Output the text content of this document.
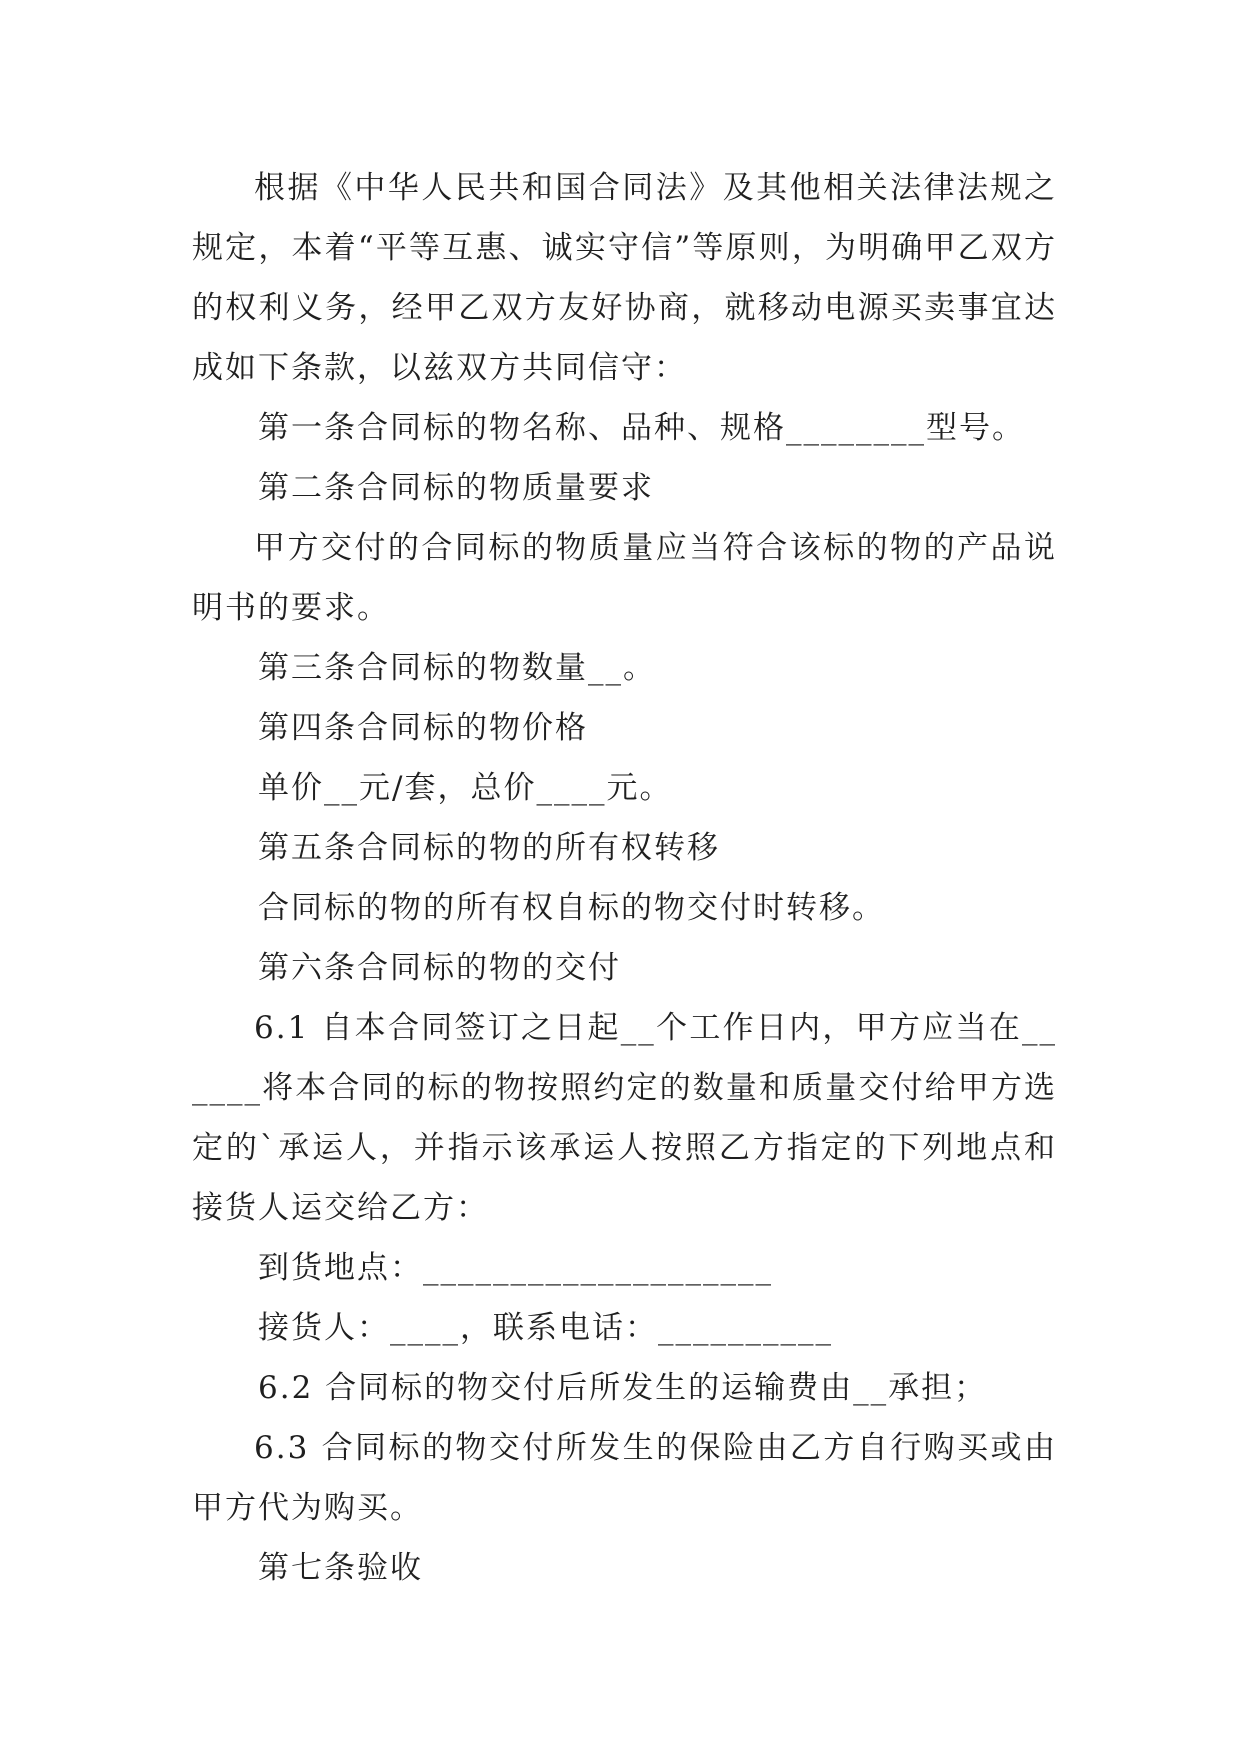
根据《中华人民共和国合同法》及其他相关法律法规之规定，本着“平等互惠、诚实守信”等原则，为明确甲乙双方的权利义务，经甲乙双方友好协商，就移动电源买卖事宜达成如下条款，以兹双方共同信守：

第一条合同标的物名称、品种、规格________型号。

第二条合同标的物质量要求

甲方交付的合同标的物质量应当符合该标的物的产品说明书的要求。

第三条合同标的物数量__。

第四条合同标的物价格

单价__元/套，总价____元。

第五条合同标的物的所有权转移

合同标的物的所有权自标的物交付时转移。

第六条合同标的物的交付

6.1 自本合同签订之日起__个工作日内，甲方应当在______将本合同的标的物按照约定的数量和质量交付给甲方选定的`承运人，并指示该承运人按照乙方指定的下列地点和接货人运交给乙方：

到货地点：____________________

接货人：____，联系电话：__________

6.2 合同标的物交付后所发生的运输费由__承担；

6.3 合同标的物交付所发生的保险由乙方自行购买或由甲方代为购买。

第七条验收
